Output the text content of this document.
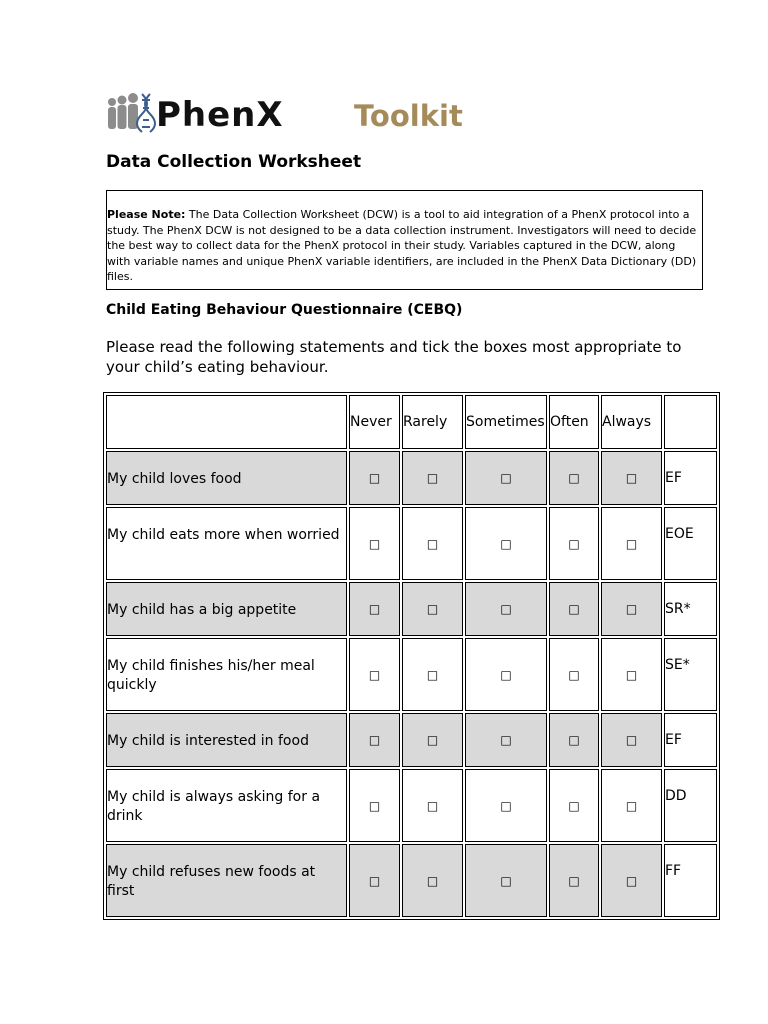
PhenX Toolkit
Data Collection Worksheet
Please Note: The Data Collection Worksheet (DCW) is a tool to aid integration of a PhenX protocol into a study. The PhenX DCW is not designed to be a data collection instrument. Investigators will need to decide the best way to collect data for the PhenX protocol in their study. Variables captured in the DCW, along with variable names and unique PhenX variable identifiers, are included in the PhenX Data Dictionary (DD) files.
Child Eating Behaviour Questionnaire (CEBQ)
Please read the following statements and tick the boxes most appropriate to your child’s eating behaviour.
	Never	Rarely	Sometimes	Often	Always	
My child loves food	□	□	□	□	□	EF
My child eats more when worried	□	□	□	□	□	EOE
My child has a big appetite	□	□	□	□	□	SR*
My child finishes his/her meal quickly	□	□	□	□	□	SE*
My child is interested in food	□	□	□	□	□	EF
My child is always asking for a drink	□	□	□	□	□	DD
My child refuses new foods at first	□	□	□	□	□	FF
